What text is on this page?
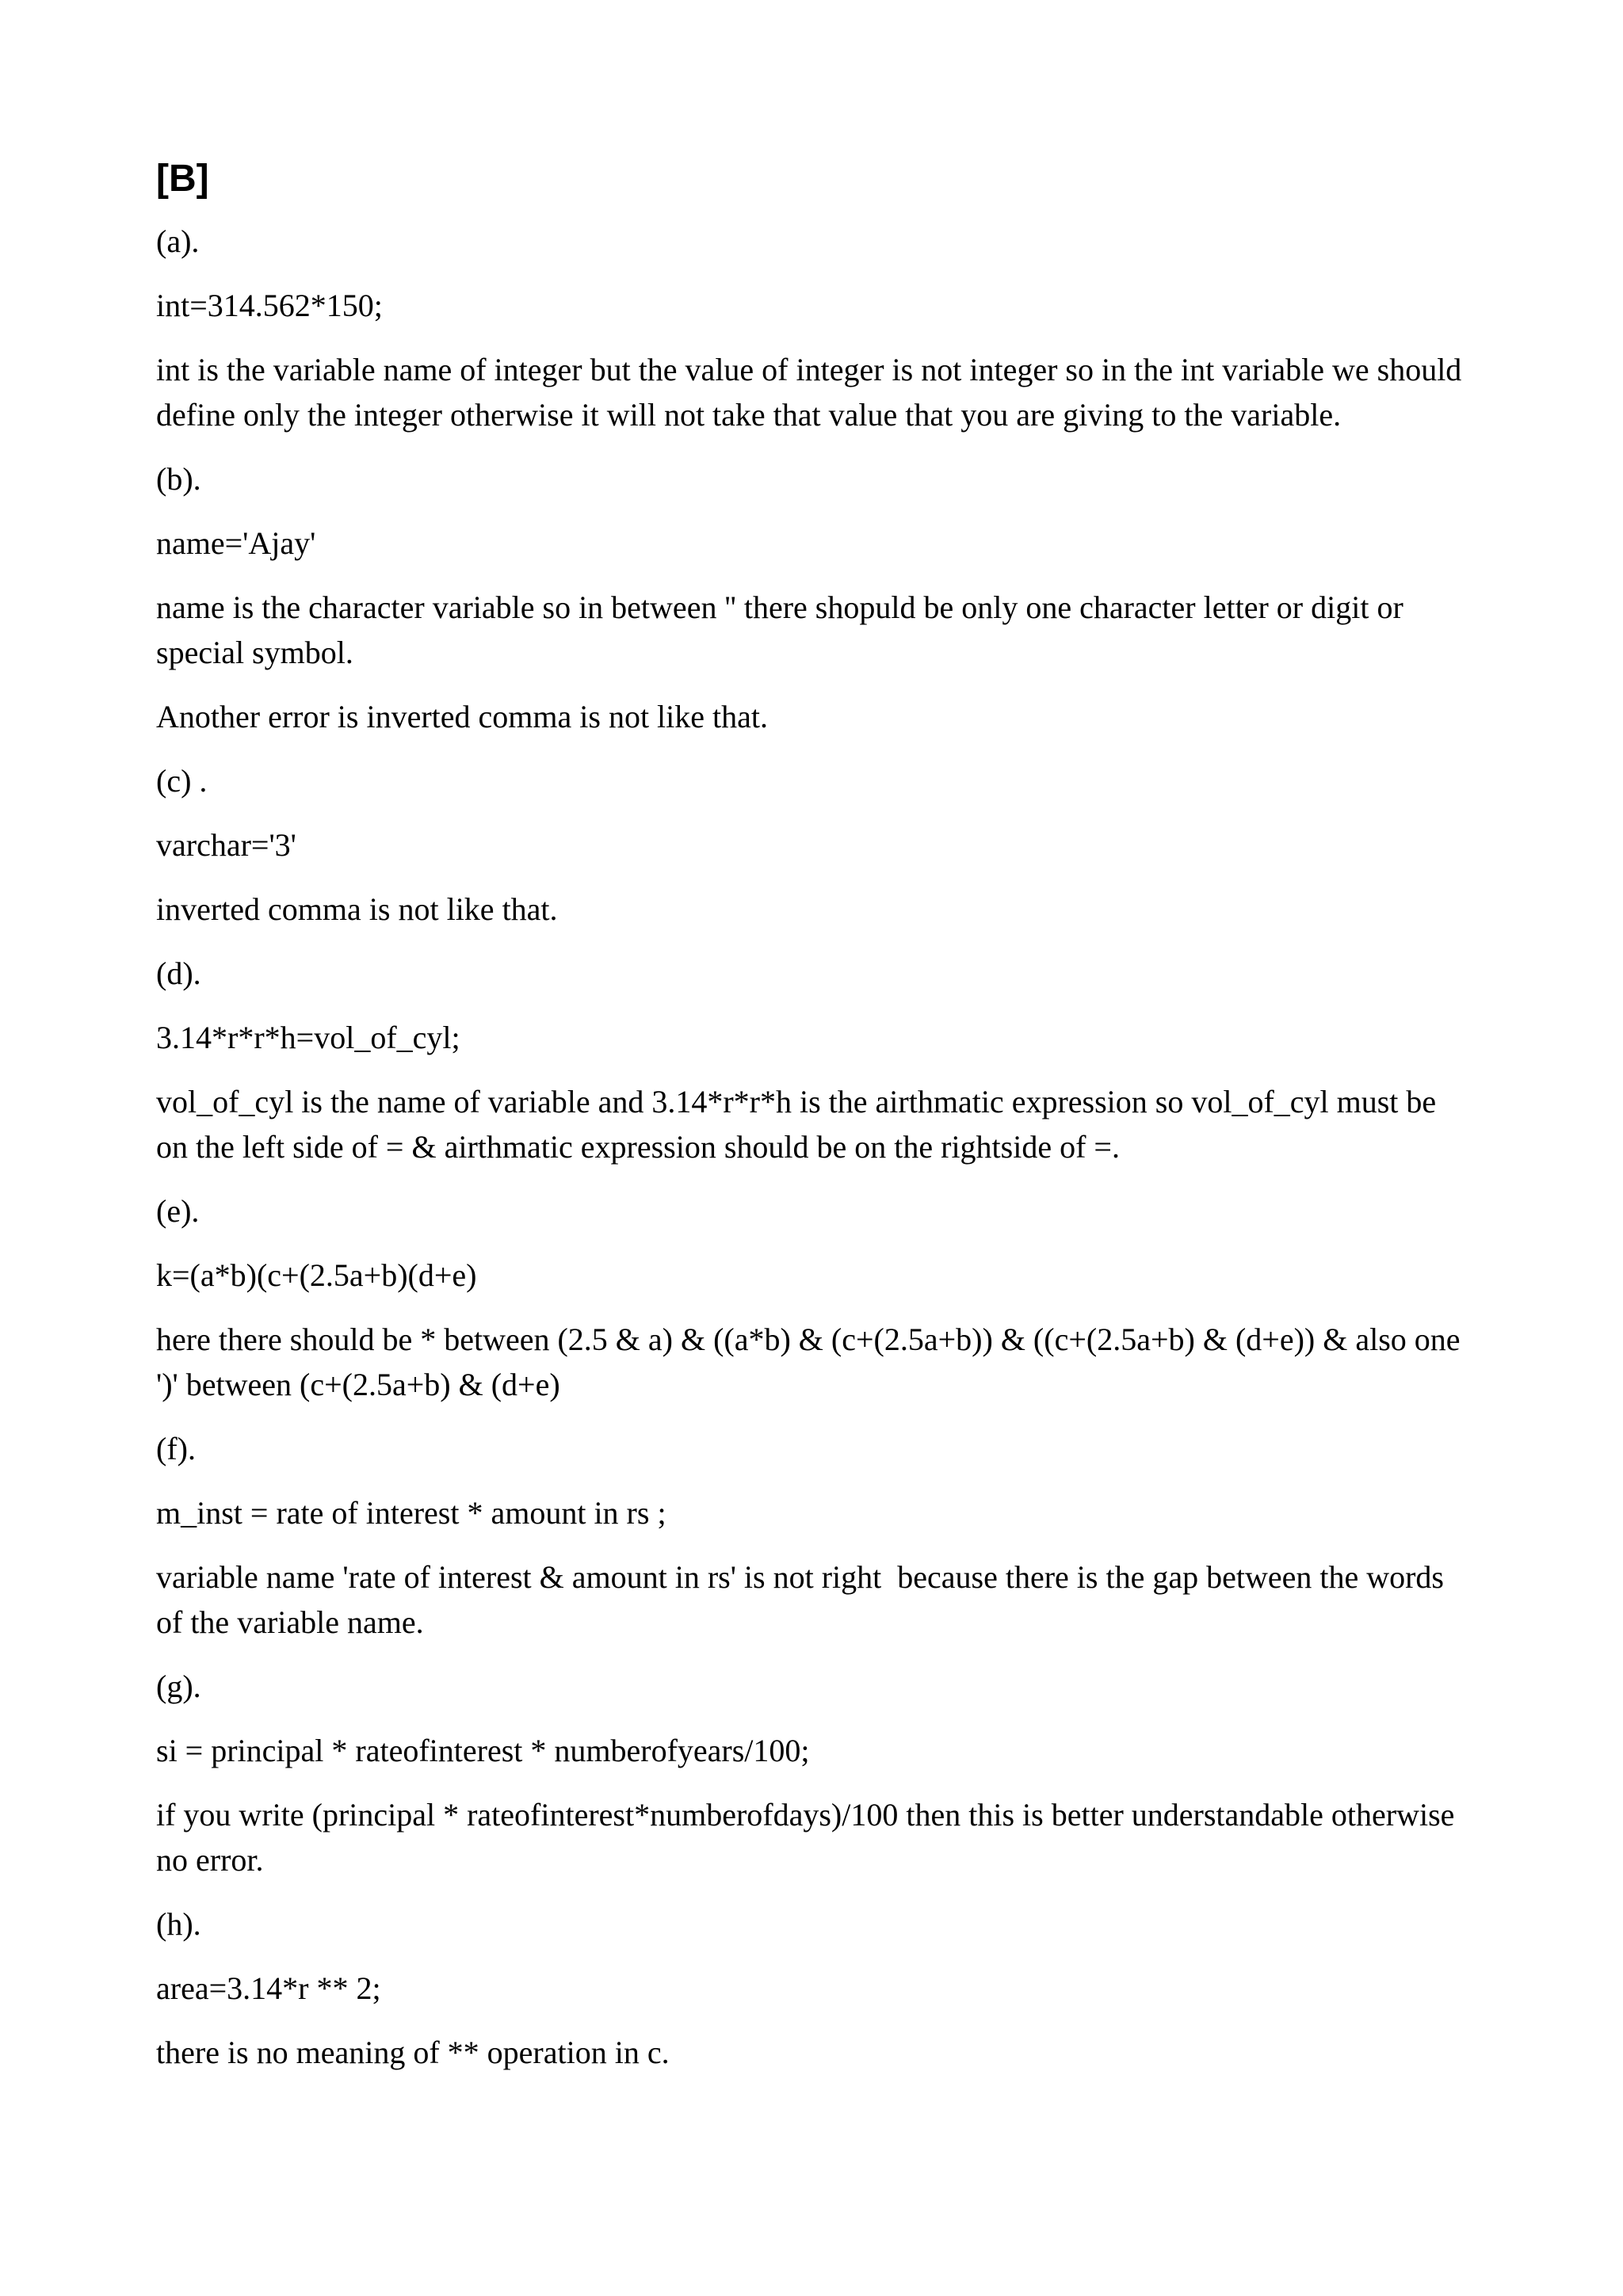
[B]
(a).
int=314.562*150;
int is the variable name of integer but the value of integer is not integer so in the int variable we should define only the integer otherwise it will not take that value that you are giving to the variable.
(b).
name='Ajay'
name is the character variable so in between '' there shopuld be only one character letter or digit or special symbol.
Another error is inverted comma is not like that.
(c) .
varchar='3'
inverted comma is not like that.
(d).
3.14*r*r*h=vol_of_cyl;
vol_of_cyl is the name of variable and 3.14*r*r*h is the airthmatic expression so vol_of_cyl must be on the left side of = & airthmatic expression should be on the rightside of =.
(e).
k=(a*b)(c+(2.5a+b)(d+e)
here there should be * between (2.5 & a) & ((a*b) & (c+(2.5a+b)) & ((c+(2.5a+b) & (d+e)) & also one ')' between (c+(2.5a+b) & (d+e)
(f).
m_inst = rate of interest * amount in rs ;
variable name 'rate of interest & amount in rs' is not right  because there is the gap between the words of the variable name.
(g).
si = principal * rateofinterest * numberofyears/100;
if you write (principal * rateofinterest*numberofdays)/100 then this is better understandable otherwise no error.
(h).
area=3.14*r ** 2;
there is no meaning of ** operation in c.
